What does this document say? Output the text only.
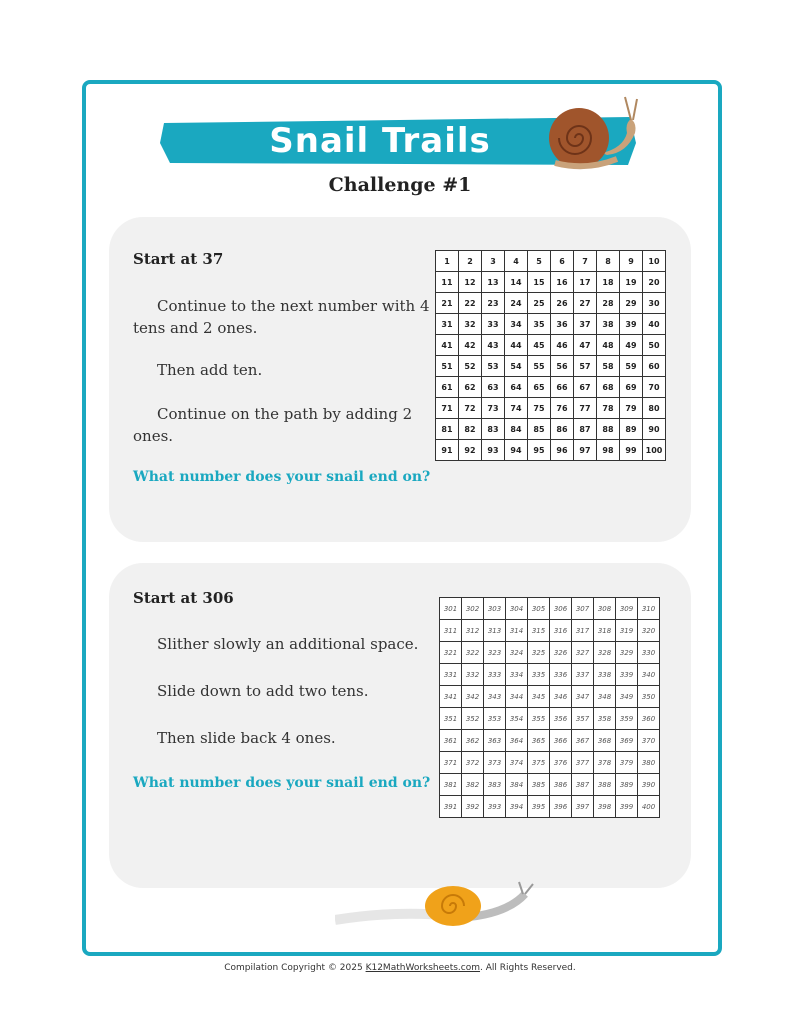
Snail Trails
Challenge #1
Start at 37
Continue to the next number with 4
tens and 2 ones.
Then add ten.
Continue on the path by adding 2
ones.
What number does your snail end on?
1	2	3	4	5	6	7	8	9	10
11	12	13	14	15	16	17	18	19	20
21	22	23	24	25	26	27	28	29	30
31	32	33	34	35	36	37	38	39	40
41	42	43	44	45	46	47	48	49	50
51	52	53	54	55	56	57	58	59	60
61	62	63	64	65	66	67	68	69	70
71	72	73	74	75	76	77	78	79	80
81	82	83	84	85	86	87	88	89	90
91	92	93	94	95	96	97	98	99	100
Start at 306
Slither slowly an additional space.
Slide down to add two tens.
Then slide back 4 ones.
What number does your snail end on?
301	302	303	304	305	306	307	308	309	310
311	312	313	314	315	316	317	318	319	320
321	322	323	324	325	326	327	328	329	330
331	332	333	334	335	336	337	338	339	340
341	342	343	344	345	346	347	348	349	350
351	352	353	354	355	356	357	358	359	360
361	362	363	364	365	366	367	368	369	370
371	372	373	374	375	376	377	378	379	380
381	382	383	384	385	386	387	388	389	390
391	392	393	394	395	396	397	398	399	400
Compilation Copyright © 2025 K12MathWorksheets.com. All Rights Reserved.
